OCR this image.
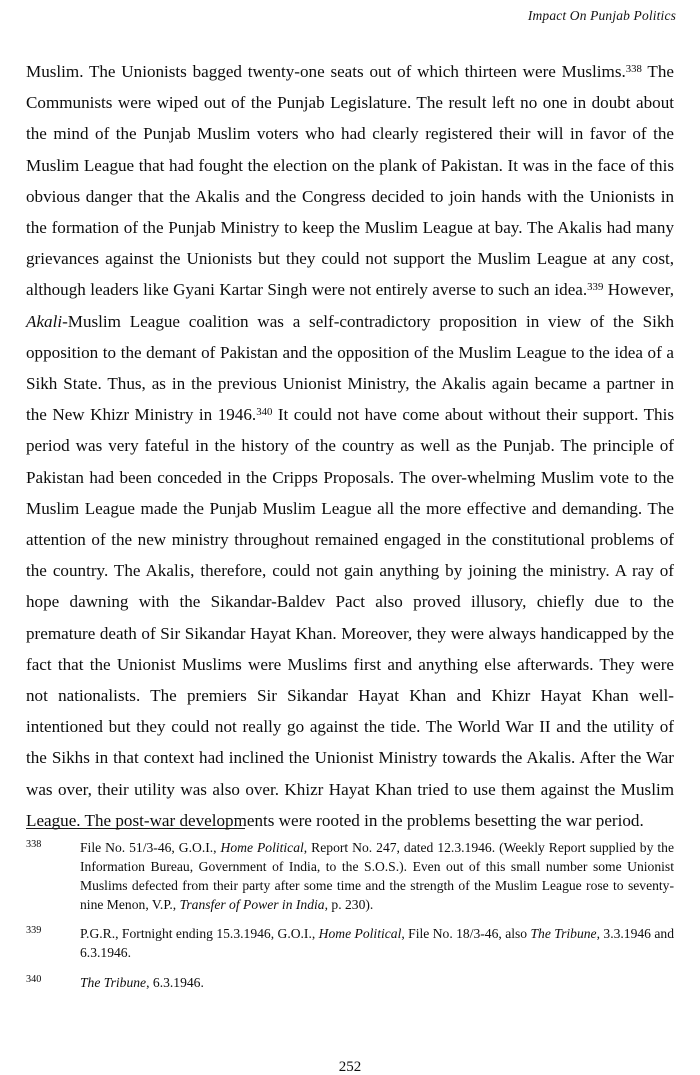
Impact On Punjab Politics

Muslim. The Unionists bagged twenty-one seats out of which thirteen were Muslims.$^{338}$ The Communists were wiped out of the Punjab Legislature. The result left no one in doubt about the mind of the Punjab Muslim voters who had clearly registered their will in favor of the Muslim League that had fought the election on the plank of Pakistan. It was in the face of this obvious danger that the Akalis and the Congress decided to join hands with the Unionists in the formation of the Punjab Ministry to keep the Muslim League at bay. The Akalis had many grievances against the Unionists but they could not support the Muslim League at any cost, although leaders like Gyani Kartar Singh were not entirely averse to such an idea.$^{339}$ However, Akali-Muslim League coalition was a self-contradictory proposition in view of the Sikh opposition to the demant of Pakistan and the opposition of the Muslim League to the idea of a Sikh State. Thus, as in the previous Unionist Ministry, the Akalis again became a partner in the New Khizr Ministry in 1946.$^{340}$ It could not have come about without their support. This period was very fateful in the history of the country as well as the Punjab. The principle of Pakistan had been conceded in the Cripps Proposals. The over-whelming Muslim vote to the Muslim League made the Punjab Muslim League all the more effective and demanding. The attention of the new ministry throughout remained engaged in the constitutional problems of the country. The Akalis, therefore, could not gain anything by joining the ministry. A ray of hope dawning with the Sikandar-Baldev Pact also proved illusory, chiefly due to the premature death of Sir Sikandar Hayat Khan. Moreover, they were always handicapped by the fact that the Unionist Muslims were Muslims first and anything else afterwards. They were not nationalists. The premiers Sir Sikandar Hayat Khan and Khizr Hayat Khan well-intentioned but they could not really go against the tide. The World War II and the utility of the Sikhs in that context had inclined the Unionist Ministry towards the Akalis. After the War was over, their utility was also over. Khizr Hayat Khan tried to use them against the Muslim League. The post-war developments were rooted in the problems besetting the war period.

338	File No. 51/3-46, G.O.I., Home Political, Report No. 247, dated 12.3.1946. (Weekly Report supplied by the Information Bureau, Government of India, to the S.O.S.). Even out of this small number some Unionist Muslims defected from their party after some time and the strength of the Muslim League rose to seventy-nine Menon, V.P., Transfer of Power in India, p. 230).
339	P.G.R., Fortnight ending 15.3.1946, G.O.I., Home Political, File No. 18/3-46, also The Tribune, 3.3.1946 and 6.3.1946.
340	The Tribune, 6.3.1946.
252
